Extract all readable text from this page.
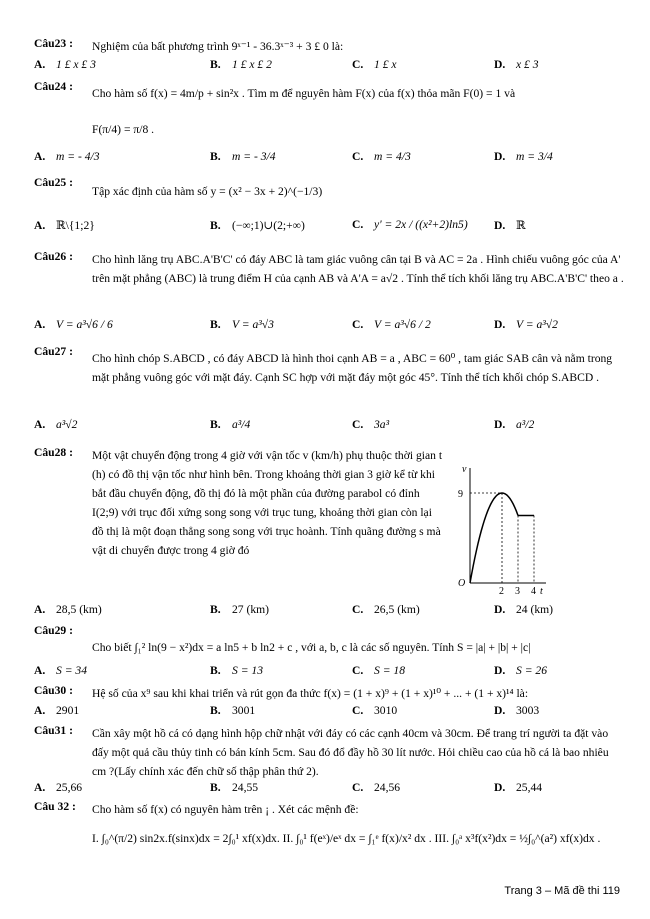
Câu23 : Nghiệm của bất phương trình 9ˣ⁻¹ - 36.3ˣ⁻³ + 3 £ 0 là:
A. 1 £ x £ 3	B. 1 £ x £ 2	C. 1 £ x	D. x £ 3
Câu24 :
Cho hàm số f(x) = 4m/p + sin²x . Tìm m để nguyên hàm F(x) của f(x) thỏa mãn F(0) = 1 và
F(π/4) = π/8 .
A. m = - 4/3	B. m = - 3/4	C. m = 4/3	D. m = 3/4
Câu25 :
Tập xác định của hàm số y = (x² − 3x + 2)^(−1/3)
A. ℝ\{1;2}	B. (−∞;1)∪(2;+∞)	C. y' = 2x / ((x²+2)ln5) D. ℝ
Câu26 : Cho hình lăng trụ ABC.A'B'C' có đáy ABC là tam giác vuông cân tại B và AC = 2a . Hình chiếu vuông góc của A' trên mặt phẳng (ABC) là trung điểm H của cạnh AB và A'A = a√2 . Tính thể tích khối lăng trụ ABC.A'B'C' theo a .
A. V = a³√6 / 6	B. V = a³√3	C. V = a³√6 / 2	D. V = a³√2
Câu27 :
Cho hình chóp S.ABCD , có đáy ABCD là hình thoi cạnh AB = a , ABC = 60⁰ , tam giác SAB cân và nằm trong mặt phẳng vuông góc với mặt đáy. Cạnh SC hợp với mặt đáy một góc 45°. Tính thể tích khối chóp S.ABCD .
A. a³√2	B. a³/4	C. 3a³	D. a³/2
Câu28 : Một vật chuyển động trong 4 giờ với vận tốc v (km/h) phụ thuộc thời gian t (h) có đồ thị vận tốc như hình bên. Trong khoảng thời gian 3 giờ kể từ khi bắt đầu chuyển động, đồ thị đó là một phần của đường parabol có đỉnh I(2;9) với trục đối xứng song song với trục tung, khoảng thời gian còn lại đồ thị là một đoạn thẳng song song với trục hoành. Tính quãng đường s mà vật di chuyển được trong 4 giờ đó
v
t
O
9
2 3 4
A. 28,5 (km)	B. 27 (km)	C. 26,5 (km)	D. 24 (km)
Câu29 :
Cho biết ∫₁² ln(9 − x²)dx = a ln5 + b ln2 + c , với a, b, c là các số nguyên. Tính S = |a| + |b| + |c|
A. S = 34	B. S = 13	C. S = 18	D. S = 26
Câu30 : Hệ số của x⁹ sau khi khai triển và rút gọn đa thức f(x) = (1 + x)⁹ + (1 + x)¹⁰ + ... + (1 + x)¹⁴ là:
A. 2901	B. 3001	C. 3010	D. 3003
Câu31 : Cần xây một hồ cá có dạng hình hộp chữ nhật với đáy có các cạnh 40cm và 30cm. Để trang trí người ta đặt vào đấy một quả cầu thủy tinh có bán kính 5cm. Sau đó đổ đầy hồ 30 lít nước. Hỏi chiều cao của hồ cá là bao nhiêu cm ?(Lấy chính xác đến chữ số thập phân thứ 2).
A. 25,66	B. 24,55	C. 24,56	D. 25,44
Câu 32 : Cho hàm số f(x) có nguyên hàm trên ¡ . Xét các mệnh đề:
I. ∫₀^(π/2) sin2x.f(sinx)dx = 2∫₀¹ xf(x)dx. II. ∫₀¹ f(eˣ)/eˣ dx = ∫₁ᵉ f(x)/x² dx . III. ∫₀ᵃ x³f(x²)dx = ½∫₀^(a²) xf(x)dx .
Trang 3 – Mã đề thi 119
